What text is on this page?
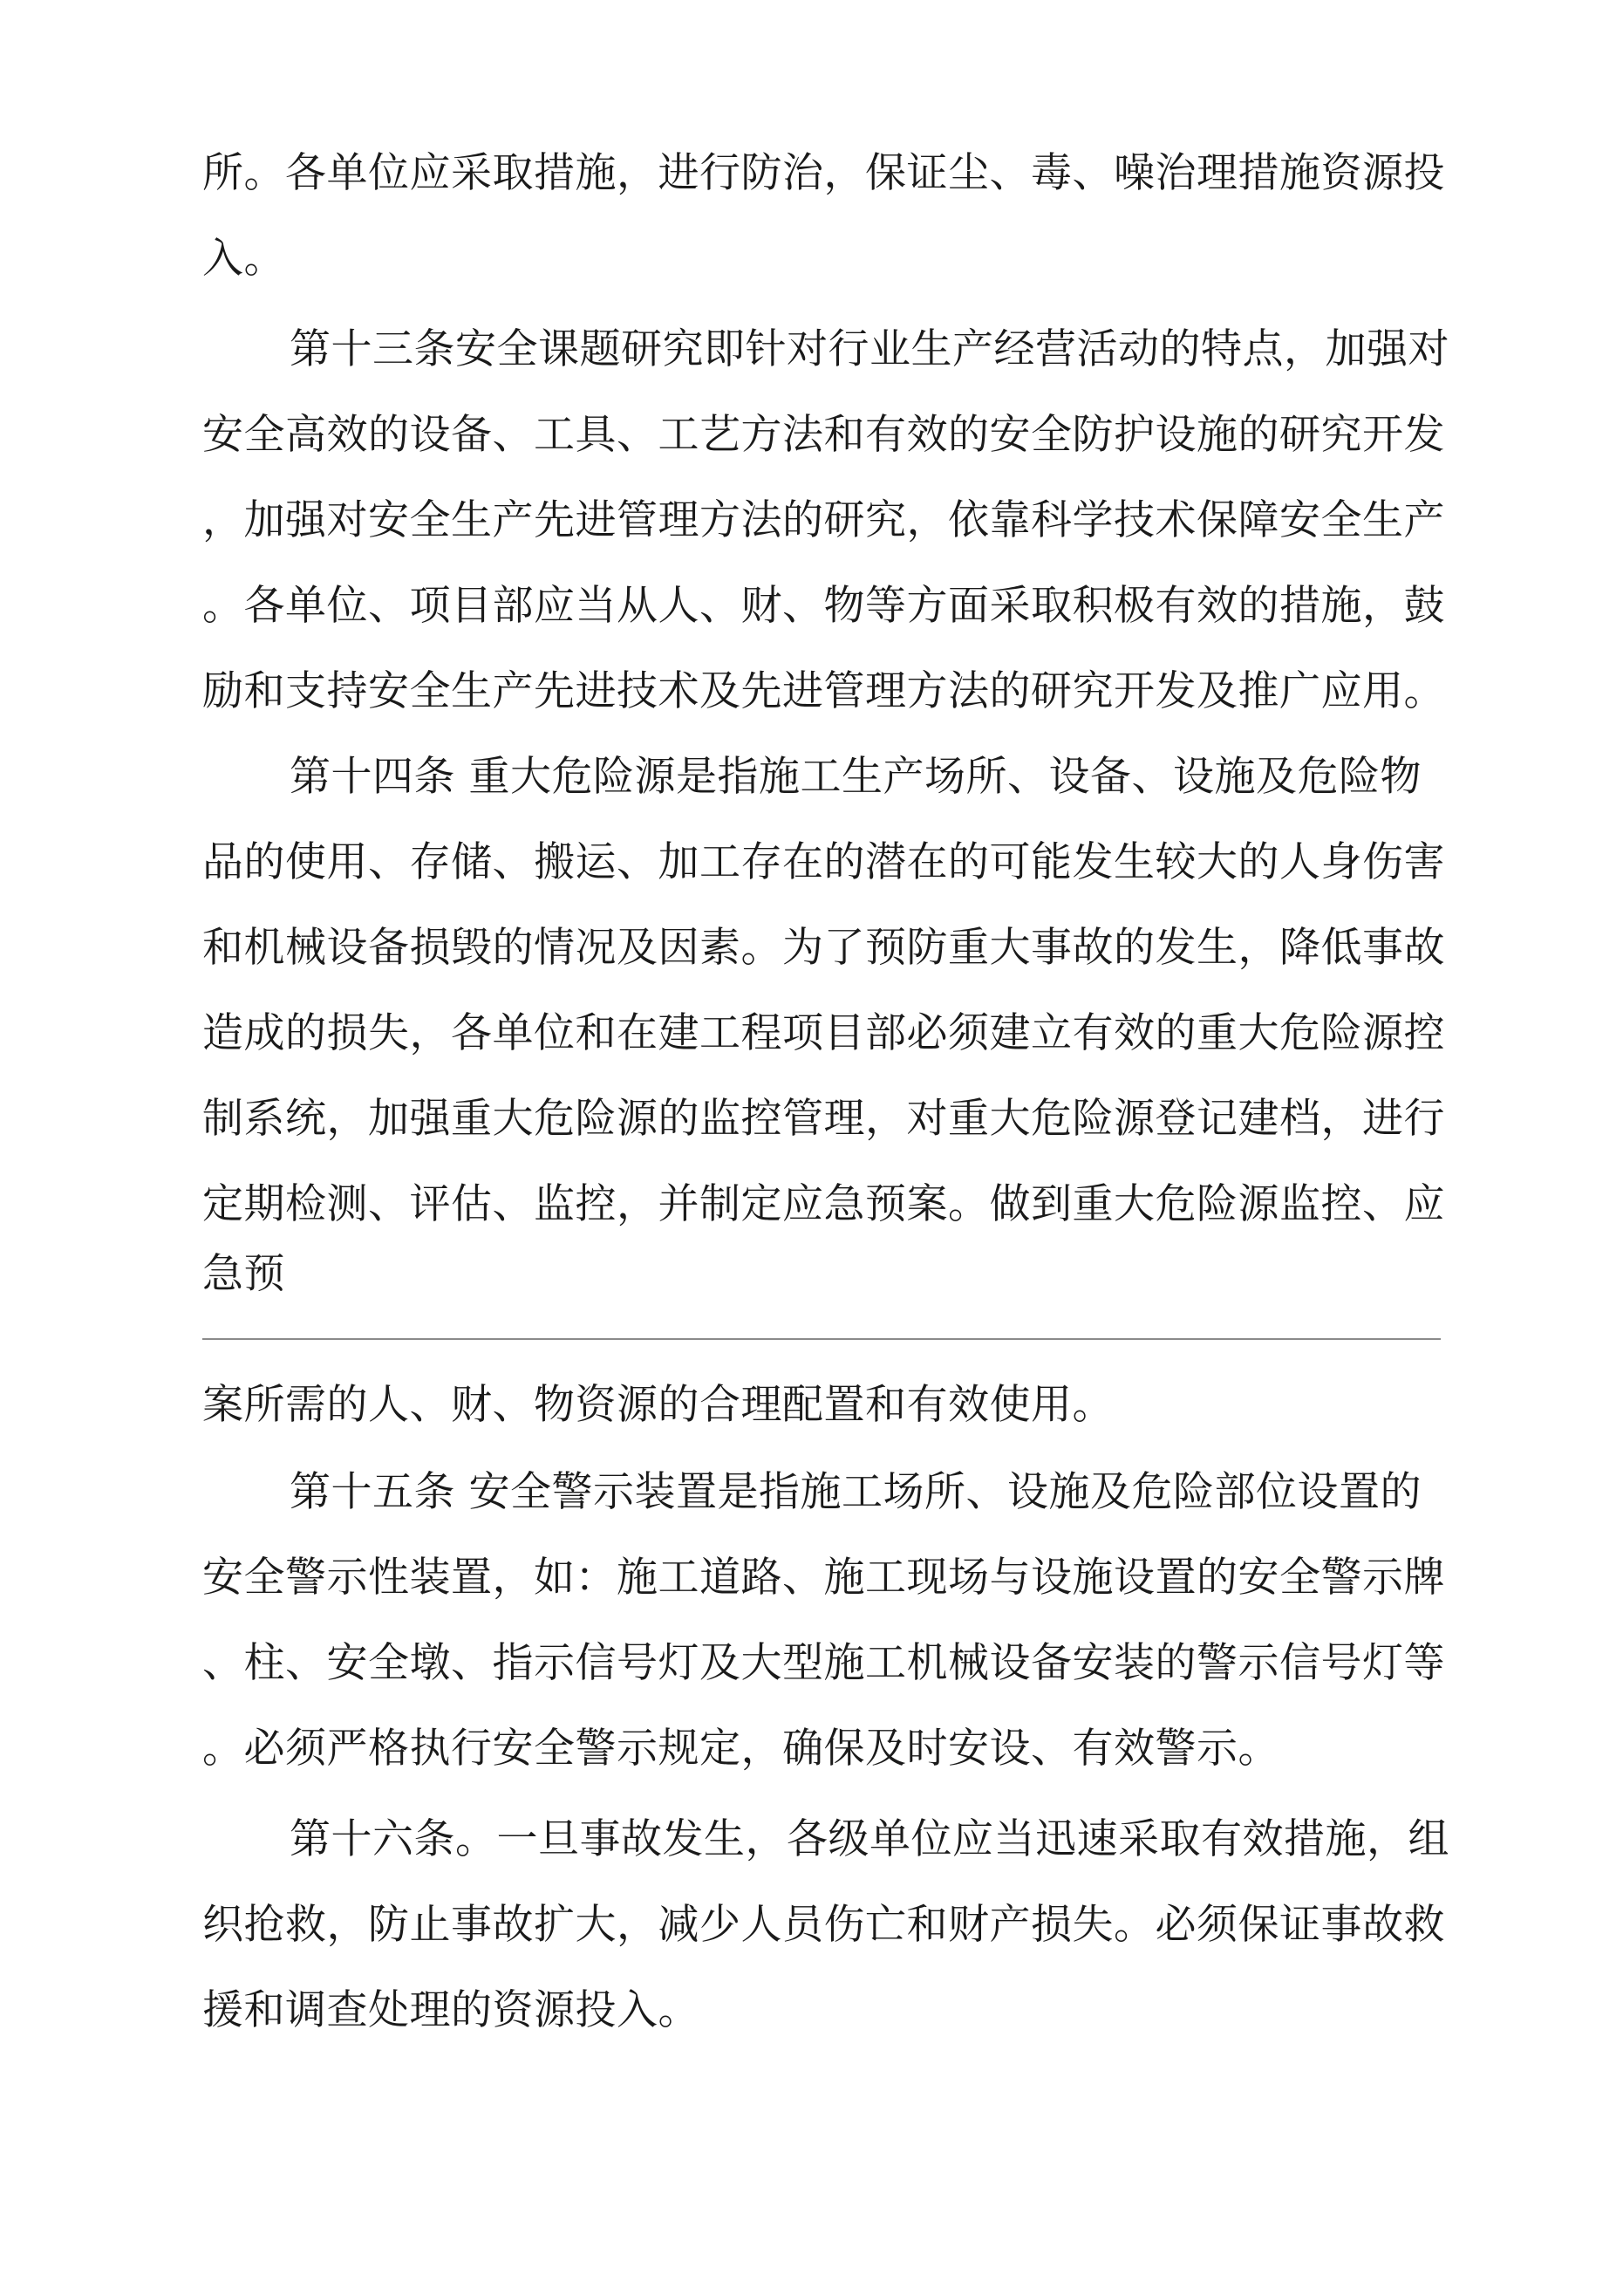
所。各单位应采取措施，进行防治，保证尘、毒、噪治理措施资源投
入。
第十三条安全课题研究即针对行业生产经营活动的特点，加强对
安全高效的设备、工具、工艺方法和有效的安全防护设施的研究开发
，加强对安全生产先进管理方法的研究，依靠科学技术保障安全生产
。各单位、项目部应当从人、财、物等方面采取积极有效的措施，鼓
励和支持安全生产先进技术及先进管理方法的研究开发及推广应用。
第十四条 重大危险源是指施工生产场所、设备、设施及危险物
品的使用、存储、搬运、加工存在的潜在的可能发生较大的人身伤害
和机械设备损毁的情况及因素。为了预防重大事故的发生，降低事故
造成的损失，各单位和在建工程项目部必须建立有效的重大危险源控
制系统，加强重大危险源的监控管理，对重大危险源登记建档，进行
定期检测、评估、监控，并制定应急预案。做到重大危险源监控、应
急预
案所需的人、财、物资源的合理配置和有效使用。
第十五条 安全警示装置是指施工场所、设施及危险部位设置的
安全警示性装置，如：施工道路、施工现场与设施设置的安全警示牌
、柱、安全墩、指示信号灯及大型施工机械设备安装的警示信号灯等
。必须严格执行安全警示规定，确保及时安设、有效警示。
第十六条。一旦事故发生，各级单位应当迅速采取有效措施，组
织抢救，防止事故扩大，减少人员伤亡和财产损失。必须保证事故救
援和调查处理的资源投入。
